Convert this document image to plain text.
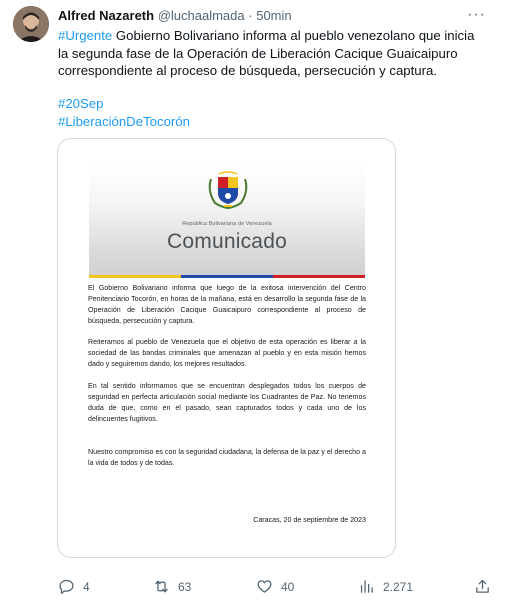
Alfred Nazareth @luchaalmada · 50min	···
#Urgente Gobierno Bolivariano informa al pueblo venezolano que inicia la segunda fase de la Operación de Liberación Cacique Guaicaipuro correspondiente al proceso de búsqueda, persecución y captura.
#20Sep
#LiberaciónDeTocorón
República Bolivariana de Venezuela
Comunicado
El Gobierno Bolivariano informa que luego de la exitosa intervención del Centro Penitenciario Tocorón, en horas de la mañana, está en desarrollo la segunda fase de la Operación de Liberación Cacique Guaicaipuro correspondiente al proceso de búsqueda, persecución y captura.
Reiteramos al pueblo de Venezuela que el objetivo de esta operación es liberar a la sociedad de las bandas criminales que amenazan al pueblo y en esta misión hemos dado y seguiremos dando, los mejores resultados.
En tal sentido informamos que se encuentran desplegados todos los cuerpos de seguridad en perfecta articulación social mediante los Cuadrantes de Paz. No tenemos duda de que, como en el pasado, sean capturados todos y cada uno de los delincuentes fugitivos.
Nuestro compromiso es con la seguridad ciudadana, la defensa de la paz y el derecho a la vida de todos y de todas.
Caracas, 20 de septiembre de 2023
4	63	40	2.271
